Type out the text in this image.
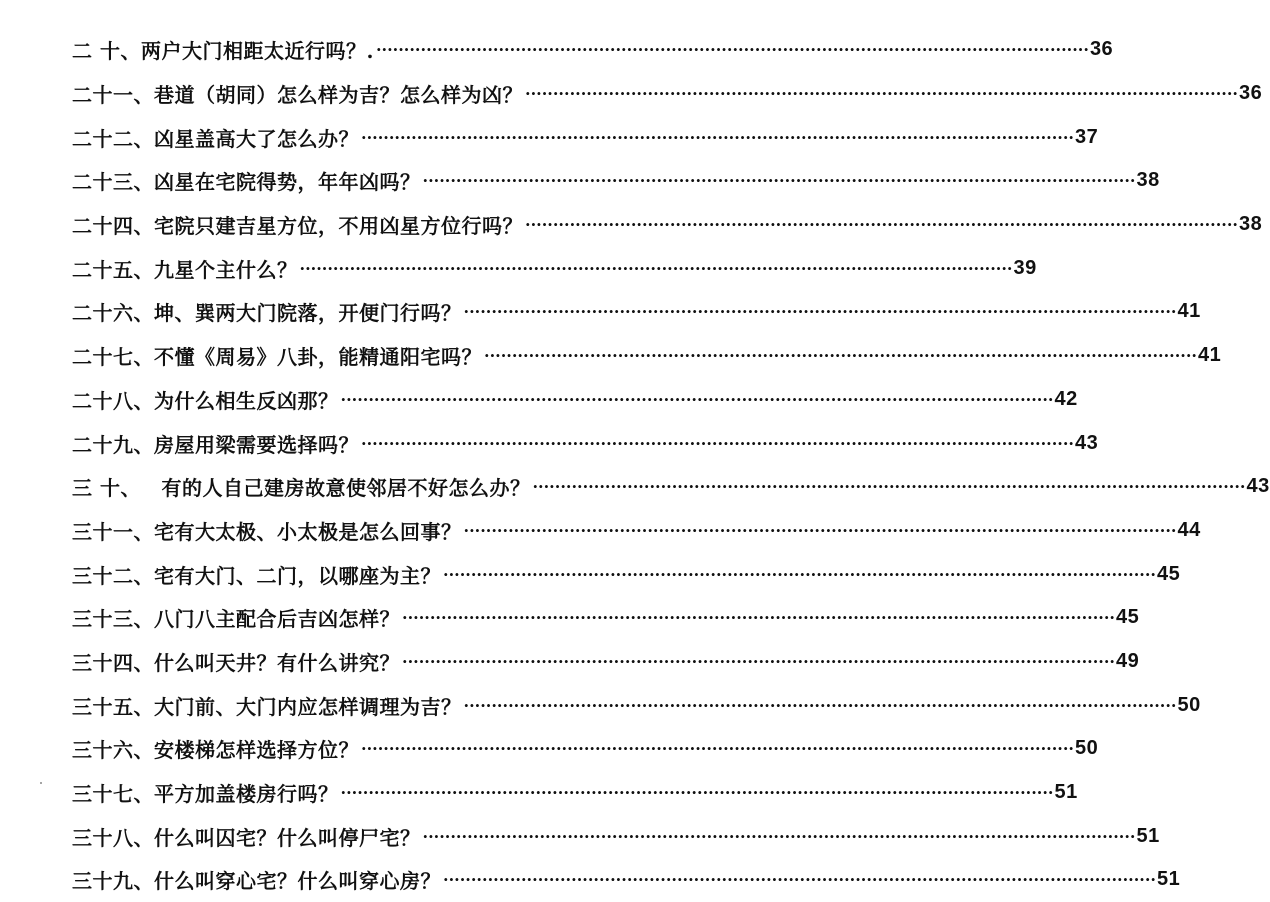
二 十、 两户大门相距太近行吗？. ·····	36
二十一、 巷道（胡同）怎么样为吉？怎么样为凶？ ·····	36
二十二、 凶星盖高大了怎么办？ ·····	37
二十三、 凶星在宅院得势，年年凶吗？ ·····	38
二十四、 宅院只建吉星方位，不用凶星方位行吗？ ·····	38
二十五、 九星个主什么？ ·····	39
二十六、 坤、巽两大门院落，开便门行吗？ ·····	41
二十七、 不懂《周易》八卦，能精通阳宅吗？ ·····	41
二十八、 为什么相生反凶那？ ·····	42
二十九、 房屋用梁需要选择吗？ ·····	43
三 十、 　有的人自己建房故意使邻居不好怎么办？ ·····	43
三十一、 宅有大太极、小太极是怎么回事？ ·····	44
三十二、 宅有大门、二门，以哪座为主？ ·····	45
三十三、 八门八主配合后吉凶怎样？ ·····	45
三十四、 什么叫天井？有什么讲究？ ·····	49
三十五、 大门前、大门内应怎样调理为吉？ ·····	50
三十六、 安楼梯怎样选择方位？ ·····	50
三十七、 平方加盖楼房行吗？ ·····	51
三十八、 什么叫囚宅？什么叫停尸宅？ ·····	51
三十九、 什么叫穿心宅？什么叫穿心房？ ·····	51
